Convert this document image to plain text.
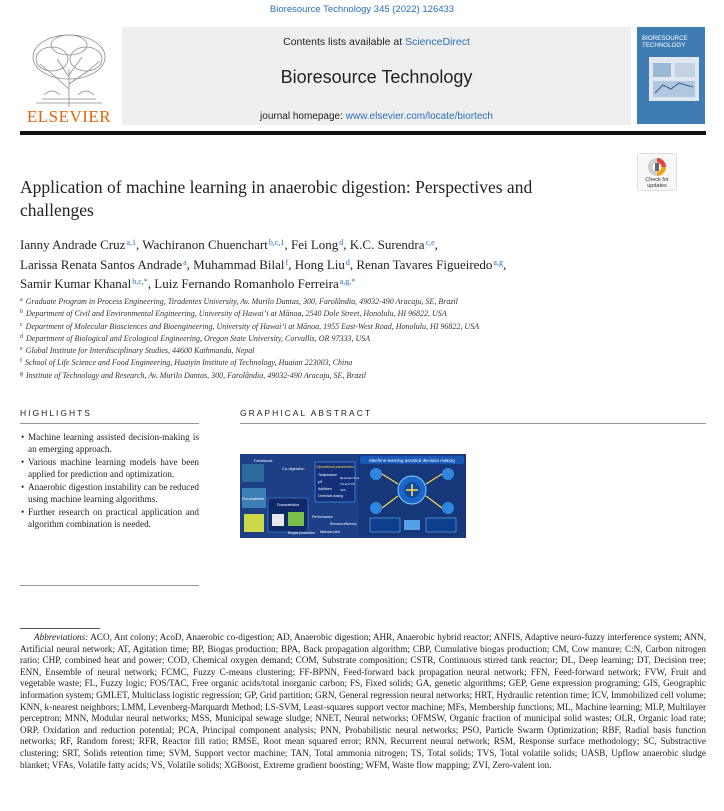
Bioresource Technology 345 (2022) 126433
ELSEVIER
Contents lists available at ScienceDirect
Bioresource Technology
journal homepage: www.elsevier.com/locate/biortech
BIORESOURCE
TECHNOLOGY
Check for
updates
Application of machine learning in anaerobic digestion: Perspectives and challenges
Ianny Andrade Cruz$^{a,1}$, Wachiranon Chuenchart$^{b,c,1}$, Fei Long$^d$, K.C. Surendra$^{c,e}$,
Larissa Renata Santos Andrade$^a$, Muhammad Bilal$^f$, Hong Liu$^d$, Renan Tavares Figueiredo$^{a,g}$,
Samir Kumar Khanal$^{b,c,*}$, Luiz Fernando Romanholo Ferreira$^{a,g,*}$
$^a$ Graduate Program in Process Engineering, Tiradentes University, Av. Murilo Dantas, 300, Farolândia, 49032-490 Aracaju, SE, Brazil
$^b$ Department of Civil and Environmental Engineering, University of Hawai’i at Mānoa, 2540 Dole Street, Honolulu, HI 96822, USA
$^c$ Department of Molecular Biosciences and Bioengineering, University of Hawai’i at Mānoa, 1955 East-West Road, Honolulu, HI 96822, USA
$^d$ Department of Biological and Ecological Engineering, Oregon State University, Corvallis, OR 97333, USA
$^e$ Global Institute for Interdisciplinary Studies, 44600 Kathmandu, Nepal
$^f$ School of Life Science and Food Engineering, Huaiyin Institute of Technology, Huaian 223003, China
$^g$ Institute of Technology and Research, Av. Murilo Dantas, 300, Farolândia, 49032-490 Aracaju, SE, Brazil
HIGHLIGHTS
• Machine learning assisted decision-making is an emerging approach.
• Various machine learning models have been applied for prediction and optimization.
• Anaerobic digestion instability can be reduced using machine learning algorithms.
• Further research on practical application and algorithm combination is needed.
GRAPHICAL ABSTRACT
Machine learning assisted decision making
Feedstock
Co-digestion	Operational parameters
Temperature
pH
Additives
Chemical dosing
Retention time
TS and VS
VFA
Pre-treatment
Characteristics
Performance
Removal efficiency
Biogas production Methane yield
Abbreviations: ACO, Ant colony; AcoD, Anaerobic co-digestion; AD, Anaerobic digestion; AHR, Anaerobic hybrid reactor; ANFIS, Adaptive neuro-fuzzy interference system; ANN, Artificial neural network; AT, Agitation time; BP, Biogas production; BPA, Back propagation algorithm; CBP, Cumulative biogas production; CM, Cow manure; C:N, Carbon nitrogen ratio; CHP, combined heat and power; COD, Chemical oxygen demand; COM, Substrate composition; CSTR, Continuous stirred tank reactor; DL, Deep learning; DT, Decision tree; ENN, Ensemble of neural network; FCMC, Fuzzy C-means clustering; FF-BPNN, Feed-forward back propagation neural network; FFN, Feed-forward network; FVW, Fruit and vegetable waste; FL, Fuzzy logic; FOS/TAC, Free organic acids/total inorganic carbon; FS, Fixed solids; GA, genetic algorithms; GEP, Gene expression programing; GIS, Geographic information system; GMLET, Multiclass logistic regression; GP, Grid partition; GRN, General regression neural networks; HRT, Hydraulic retention time; ICV, Immobilized cell volume; KNN, k-nearest neighbors; LMM, Levenberg-Marquardt Method; LS-SVM, Least-squares support vector machine; MFs, Membership functions; ML, Machine learning; MLP, Multilayer perceptron; MNN, Modular neural networks; MSS, Municipal sewage sludge; NNET, Neural networks; OFMSW, Organic fraction of municipal solid wastes; OLR, Organic load rate; ORP, Oxidation and reduction potential; PCA, Principal component analysis; PNN, Probabilistic neural networks; PSO, Particle Swarm Optimization; RBF, Radial basis function networks; RF, Random forest; RFR, Reactor fill ratio; RMSE, Root mean squared error; RNN, Recurrent neural network; RSM, Response surface methodology; SC, Substractive clustering; SRT, Solids retention time; SVM, Support vector machine; TAN, Total ammonia nitrogen; TS, Total solids; TVS, Total volatile solids; UASB, Upflow anaerobic sludge blanket; VFAs, Volatile fatty acids; VS, Volatile solids; XGBoost, Extreme gradient boosting; WFM, Waste flow mapping; ZVI, Zero-valent ion.
